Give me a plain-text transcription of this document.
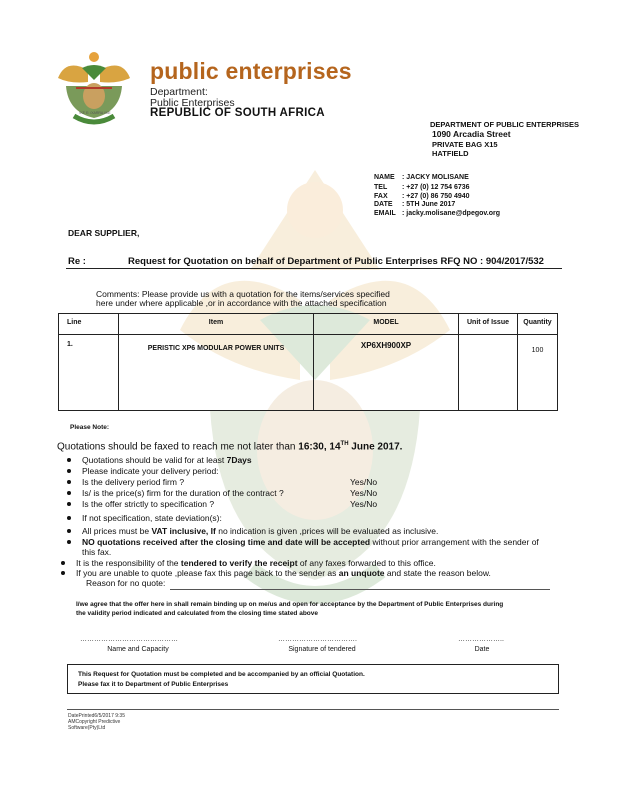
!KE E: /XARRA //KE
public enterprises
Department:
Public Enterprises
REPUBLIC OF SOUTH AFRICA
DEPARTMENT OF PUBLIC ENTERPRISES
1090 Arcadia Street
PRIVATE BAG X15
HATFIELD
NAME	: JACKY MOLISANE
TEL	: +27 (0) 12 754 6736
FAX	: +27 (0) 86 750 4940
DATE	: 5TH June 2017
EMAIL : jacky.molisane@dpegov.org
DEAR SUPPLIER,
Re :	Request for Quotation on behalf of Department of Public Enterprises RFQ NO : 904/2017/532
Comments: Please provide us with a quotation for the items/services specified
here under where applicable ,or in accordance with the attached specification
Line	Item	MODEL	Unit of Issue	Quantity
1.	PERISTIC XP6 MODULAR POWER UNITS	XP6XH900XP		100
Please Note:
Quotations should be faxed to reach me not later than 16:30, 14TH June 2017.
Quotations should be valid for at least 7Days
Please indicate your delivery period:
Is the delivery period firm ?	Yes/No
Is/ is the price(s) firm for the duration of the contract ?	Yes/No
Is the offer strictly to specification ?	Yes/No
If not specification, state deviation(s):
All prices must be VAT inclusive, If no indication is given ,prices will be evaluated as inclusive.
NO quotations received after the closing time and date will be accepted without prior arrangement with the sender of
this fax.
It is the responsibility of the tendered to verify the receipt of any faxes forwarded to this office.
If you are unable to quote ,please fax this page back to the sender as an unquote and state the reason below.
Reason for no quote:
I/we agree that the offer here in shall remain binding up on me/us and open for acceptance by the Department of Public Enterprises during
the validity period indicated and calculated from the closing time stated above
……………………………………	…………………………….	………………..
Name and Capacity	Signature of tendered	Date
This Request for Quotation must be completed and be accompanied by an official Quotation.
Please fax it to Department of Public Enterprises
DatePrinted6/5/2017 9:35
AMCopyright Predictive
Software(Pty)Ltd
